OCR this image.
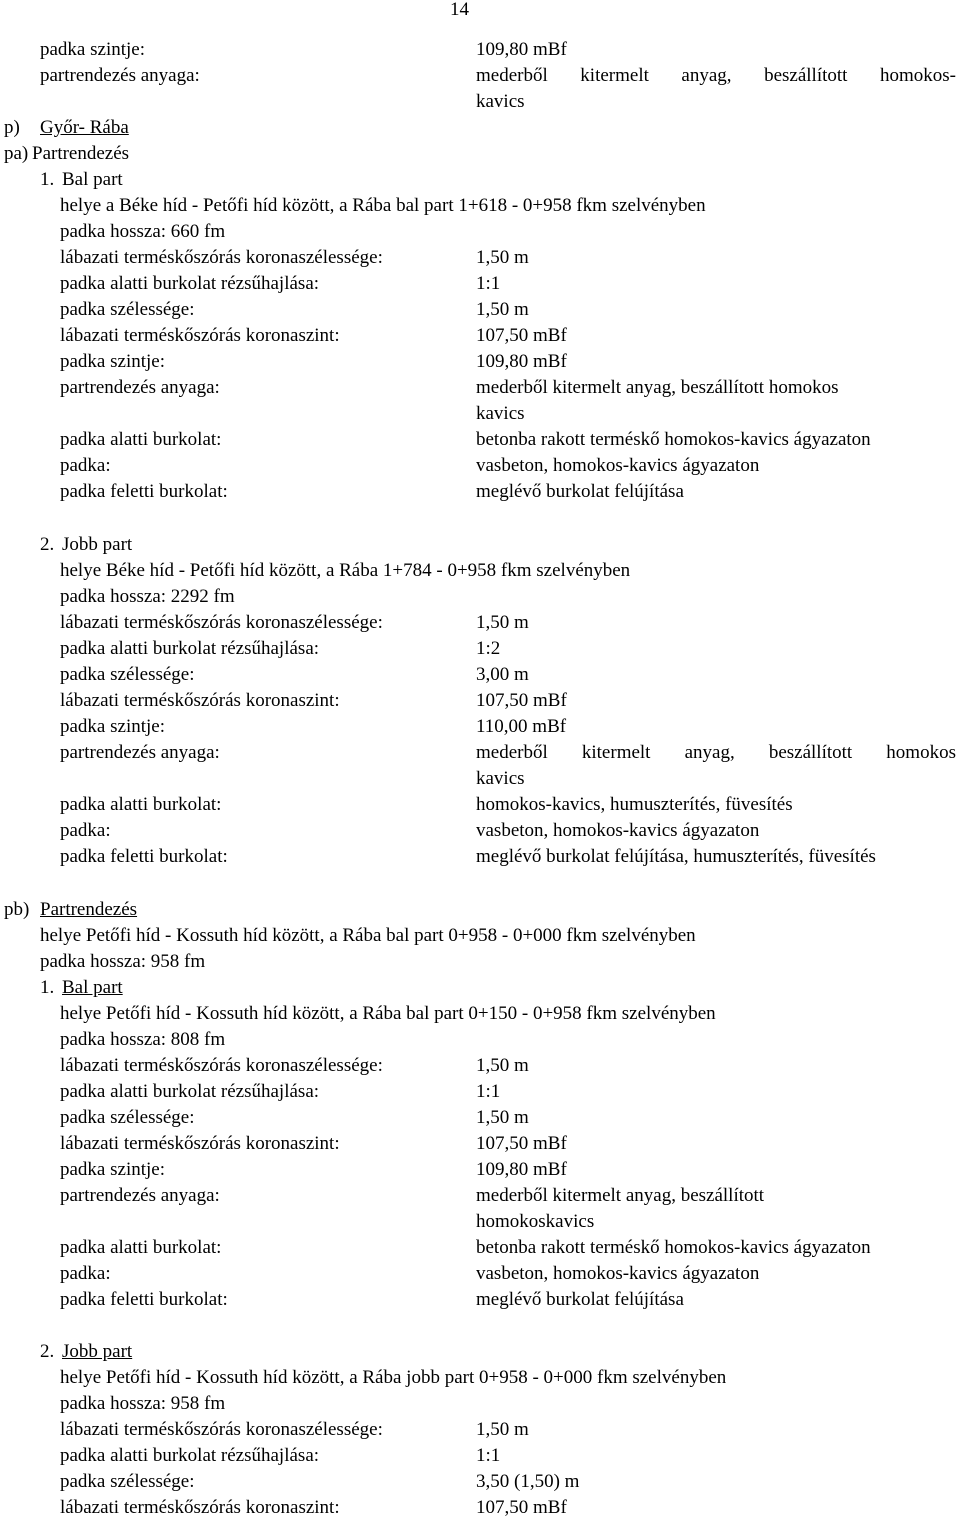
14
padka szintje:	109,80 mBf
partrendezés anyaga:	mederből kitermelt anyag, beszállított homokos-
kavics
p) Győr- Rába
pa) Partrendezés
1. Bal part
helye a Béke híd - Petőfi híd között, a Rába bal part 1+618 - 0+958 fkm szelvényben
padka hossza: 660 fm
lábazati terméskőszórás koronaszélessége:	1,50 m
padka alatti burkolat rézsűhajlása:	1:1
padka szélessége:	1,50 m
lábazati terméskőszórás koronaszint:	107,50 mBf
padka szintje:	109,80 mBf
partrendezés anyaga:	mederből kitermelt anyag, beszállított homokos
kavics
padka alatti burkolat:	betonba rakott terméskő homokos-kavics ágyazaton
padka:	vasbeton, homokos-kavics ágyazaton
padka feletti burkolat:	meglévő burkolat felújítása
2. Jobb part
helye Béke híd - Petőfi híd között, a Rába 1+784 - 0+958 fkm szelvényben
padka hossza: 2292 fm
lábazati terméskőszórás koronaszélessége:	1,50 m
padka alatti burkolat rézsűhajlása:	1:2
padka szélessége:	3,00 m
lábazati terméskőszórás koronaszint:	107,50 mBf
padka szintje:	110,00 mBf
partrendezés anyaga:	mederből kitermelt anyag, beszállított homokos
kavics
padka alatti burkolat:	homokos-kavics, humuszterítés, füvesítés
padka:	vasbeton, homokos-kavics ágyazaton
padka feletti burkolat:	meglévő burkolat felújítása, humuszterítés, füvesítés
pb) Partrendezés
helye Petőfi híd - Kossuth híd között, a Rába bal part 0+958 - 0+000 fkm szelvényben
padka hossza: 958 fm
1. Bal part
helye Petőfi híd - Kossuth híd között, a Rába bal part 0+150 - 0+958 fkm szelvényben
padka hossza: 808 fm
lábazati terméskőszórás koronaszélessége:	1,50 m
padka alatti burkolat rézsűhajlása:	1:1
padka szélessége:	1,50 m
lábazati terméskőszórás koronaszint:	107,50 mBf
padka szintje:	109,80 mBf
partrendezés anyaga:	mederből kitermelt anyag, beszállított
homokoskavics
padka alatti burkolat:	betonba rakott terméskő homokos-kavics ágyazaton
padka:	vasbeton, homokos-kavics ágyazaton
padka feletti burkolat:	meglévő burkolat felújítása
2. Jobb part
helye Petőfi híd - Kossuth híd között, a Rába jobb part 0+958 - 0+000 fkm szelvényben
padka hossza: 958 fm
lábazati terméskőszórás koronaszélessége:	1,50 m
padka alatti burkolat rézsűhajlása:	1:1
padka szélessége:	3,50 (1,50) m
lábazati terméskőszórás koronaszint:	107,50 mBf
